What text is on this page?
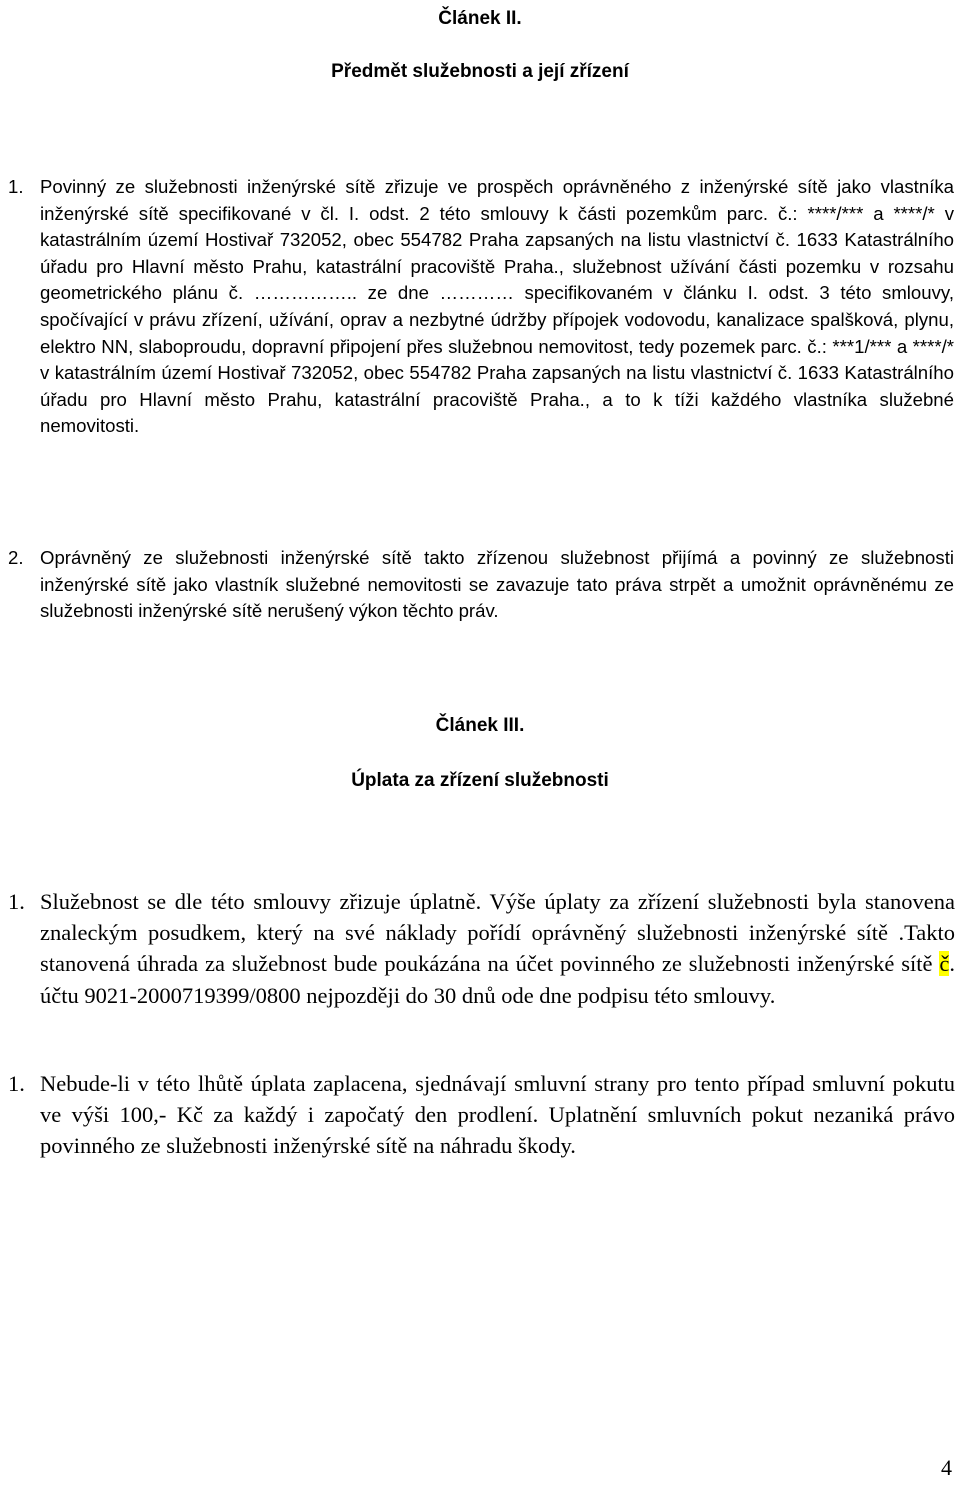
Článek II.
Předmět služebnosti a její zřízení
1. Povinný ze služebnosti inženýrské sítě zřizuje ve prospěch oprávněného z inženýrské sítě jako vlastníka inženýrské sítě specifikované v čl. I. odst. 2 této smlouvy k části pozemkům parc. č.: ****/*** a ****/* v katastrálním území Hostivař 732052, obec 554782 Praha zapsaných na listu vlastnictví č. 1633 Katastrálního úřadu pro Hlavní město Prahu, katastrální pracoviště Praha., služebnost užívání části pozemku v rozsahu geometrického plánu č. …………….. ze dne ………… specifikovaném v článku I. odst. 3 této smlouvy, spočívající v právu zřízení, užívání, oprav a nezbytné údržby přípojek vodovodu, kanalizace spalšková, plynu, elektro NN, slaboproudu, dopravní připojení přes služebnou nemovitost, tedy pozemek parc. č.: ***1/*** a ****/* v katastrálním území Hostivař 732052, obec 554782 Praha zapsaných na listu vlastnictví č. 1633 Katastrálního úřadu pro Hlavní město Prahu, katastrální pracoviště Praha., a to k tíži každého vlastníka služebné nemovitosti.
2. Oprávněný ze služebnosti inženýrské sítě takto zřízenou služebnost přijímá a povinný ze služebnosti inženýrské sítě jako vlastník služebné nemovitosti se zavazuje tato práva strpět a umožnit oprávněnému ze služebnosti inženýrské sítě nerušený výkon těchto práv.
Článek III.
Úplata za zřízení služebnosti
1. Služebnost se dle této smlouvy zřizuje úplatně. Výše úplaty za zřízení služebnosti byla stanovena znaleckým posudkem, který na své náklady pořídí oprávněný služebnosti inženýrské sítě .Takto stanovená úhrada za služebnost bude poukázána na účet povinného ze služebnosti inženýrské sítě č. účtu 9021-2000719399/0800 nejpozději do 30 dnů ode dne podpisu této smlouvy.
1. Nebude-li v této lhůtě úplata zaplacena, sjednávají smluvní strany pro tento případ smluvní pokutu ve výši 100,- Kč za každý i započatý den prodlení. Uplatnění smluvních pokut nezaniká právo povinného ze služebnosti inženýrské sítě na náhradu škody.
4
